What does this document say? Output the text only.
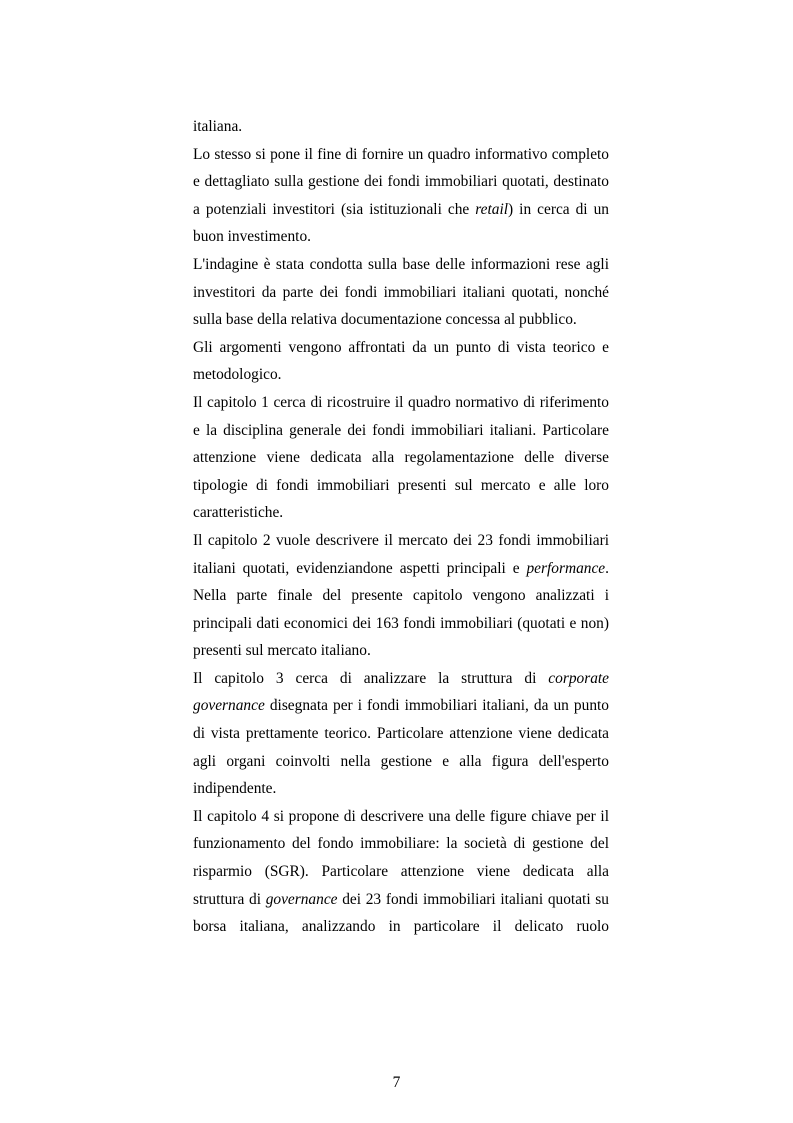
italiana.

Lo stesso si pone il fine di fornire un quadro informativo completo e dettagliato sulla gestione dei fondi immobiliari quotati, destinato a potenziali investitori (sia istituzionali che retail) in cerca di un buon investimento.

L'indagine è stata condotta sulla base delle informazioni rese agli investitori da parte dei fondi immobiliari italiani quotati, nonché sulla base della relativa documentazione concessa al pubblico.

Gli argomenti vengono affrontati da un punto di vista teorico e metodologico.

Il capitolo 1 cerca di ricostruire il quadro normativo di riferimento e la disciplina generale dei fondi immobiliari italiani. Particolare attenzione viene dedicata alla regolamentazione delle diverse tipologie di fondi immobiliari presenti sul mercato e alle loro caratteristiche.

Il capitolo 2 vuole descrivere il mercato dei 23 fondi immobiliari italiani quotati, evidenziandone aspetti principali e performance. Nella parte finale del presente capitolo vengono analizzati i principali dati economici dei 163 fondi immobiliari (quotati e non) presenti sul mercato italiano.

Il capitolo 3 cerca di analizzare la struttura di corporate governance disegnata per i fondi immobiliari italiani, da un punto di vista prettamente teorico. Particolare attenzione viene dedicata agli organi coinvolti nella gestione e alla figura dell'esperto indipendente.

Il capitolo 4 si propone di descrivere una delle figure chiave per il funzionamento del fondo immobiliare: la società di gestione del risparmio (SGR). Particolare attenzione viene dedicata alla struttura di governance dei 23 fondi immobiliari italiani quotati su borsa italiana, analizzando in particolare il delicato ruolo

7
